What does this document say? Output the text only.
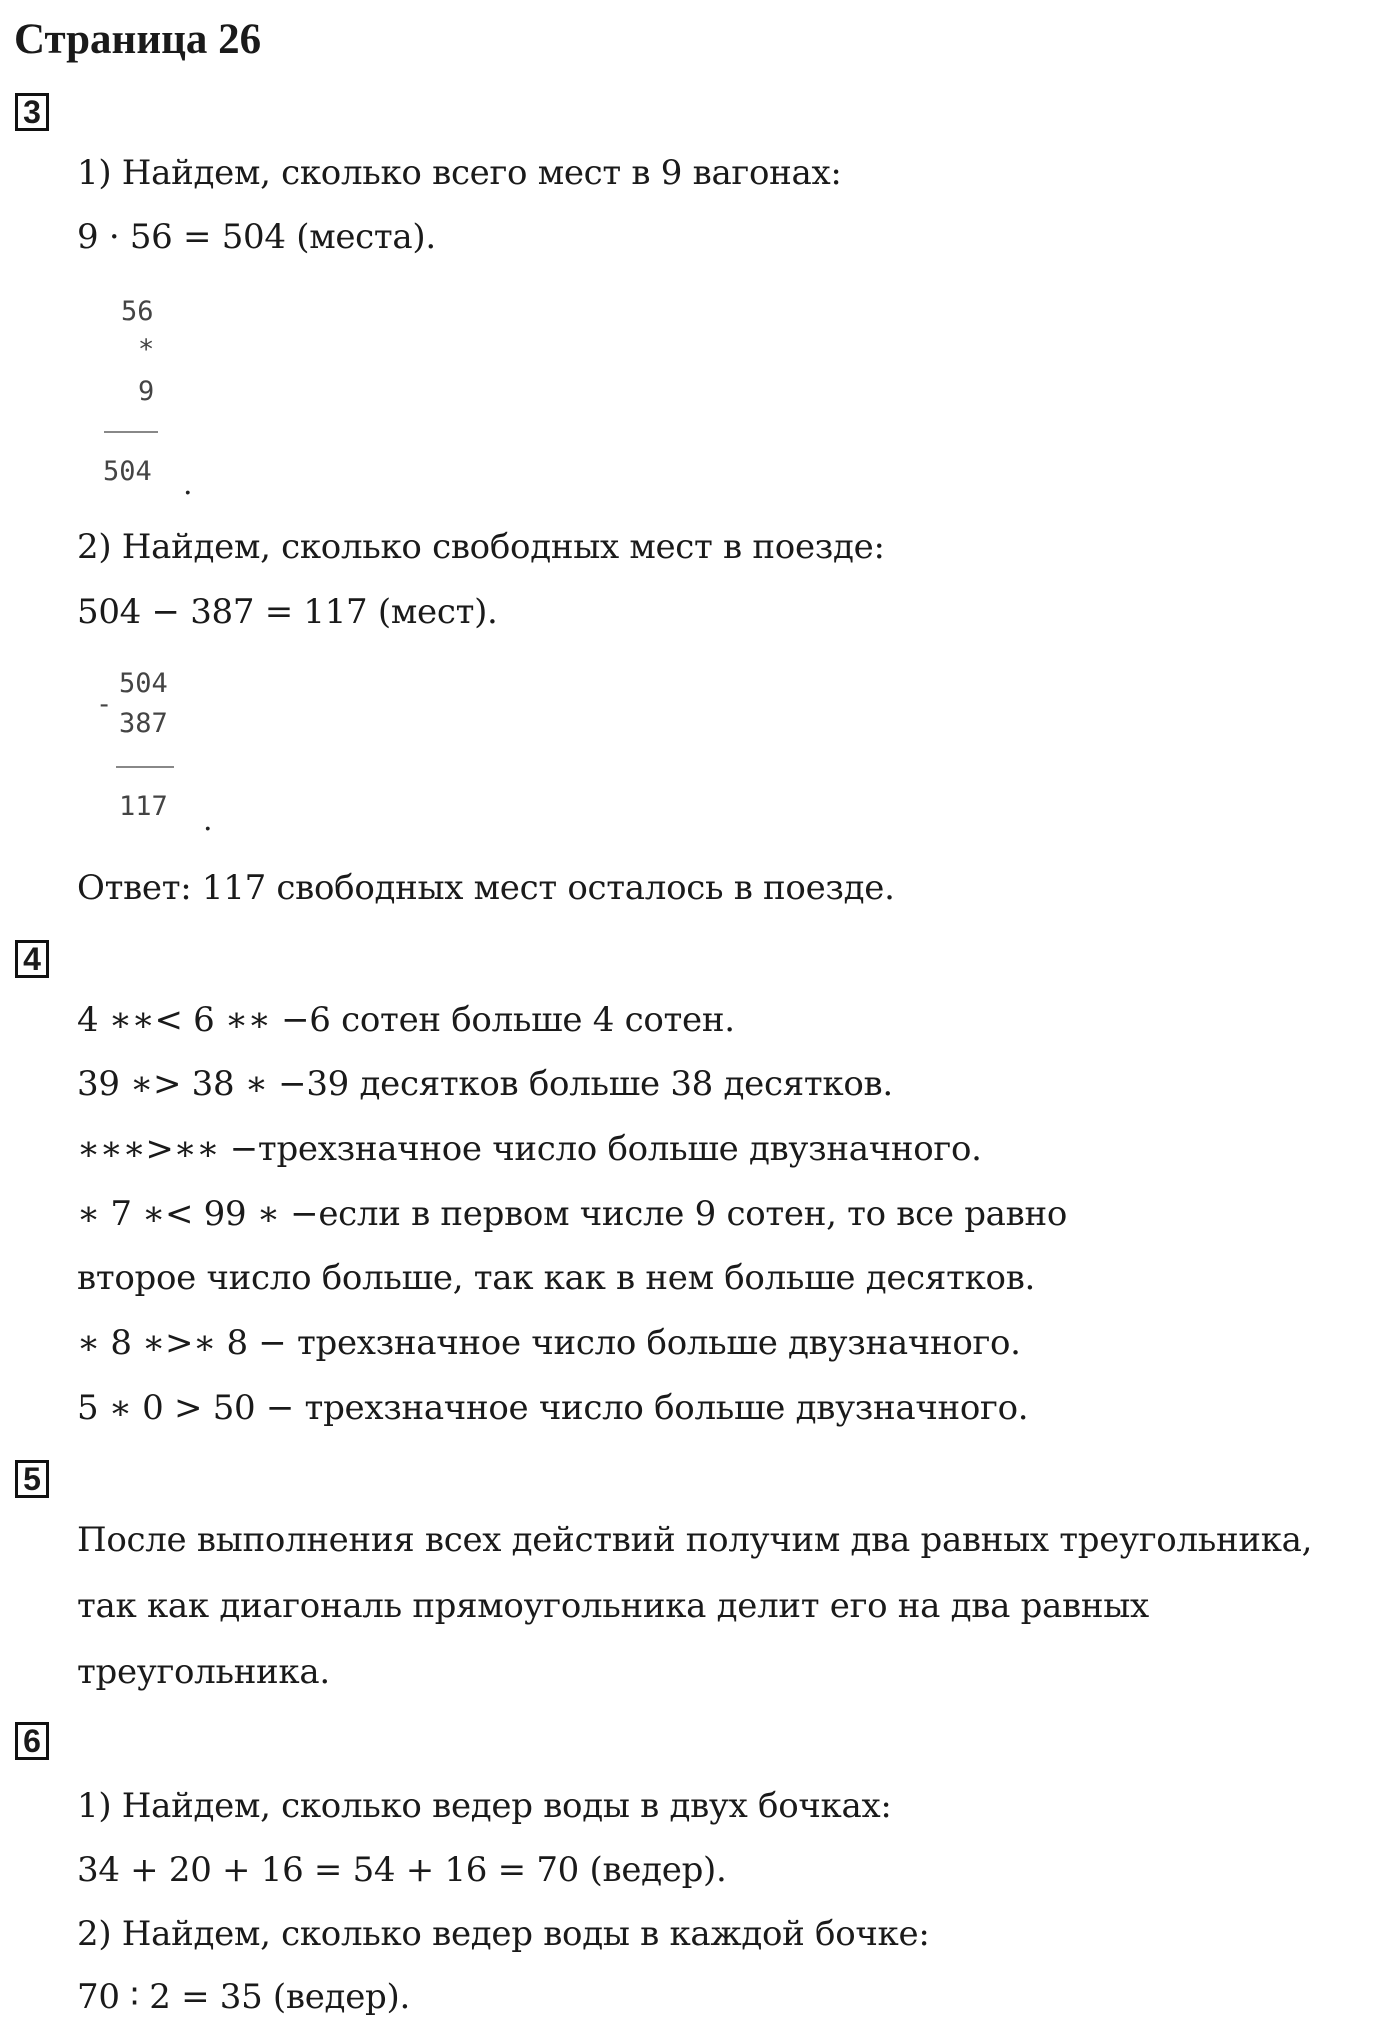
Страница 26
3
1) Найдем, сколько всего мест в 9 вагонах:
9 · 56 = 504 (места).
56
*
9
504 .
2) Найдем, сколько свободных мест в поезде:
504 − 387 = 117 (мест).
-
504
387
117 .
Ответ: 117 свободных мест осталось в поезде.
4
4 ∗∗< 6 ∗∗ −6 сотен больше 4 сотен.
39 ∗> 38 ∗ −39 десятков больше 38 десятков.
∗∗∗>∗∗ −трехзначное число больше двузначного.
∗ 7 ∗< 99 ∗ −если в первом числе 9 сотен, то все равно
второе число больше, так как в нем больше десятков.
∗ 8 ∗>∗ 8 − трехзначное число больше двузначного.
5 ∗ 0 > 50 − трехзначное число больше двузначного.
5
После выполнения всех действий получим два равных треугольника,
так как диагональ прямоугольника делит его на два равных
треугольника.
6
1) Найдем, сколько ведер воды в двух бочках:
34 + 20 + 16 = 54 + 16 = 70 (ведер).
2) Найдем, сколько ведер воды в каждой бочке:
70 ∶ 2 = 35 (ведер).
